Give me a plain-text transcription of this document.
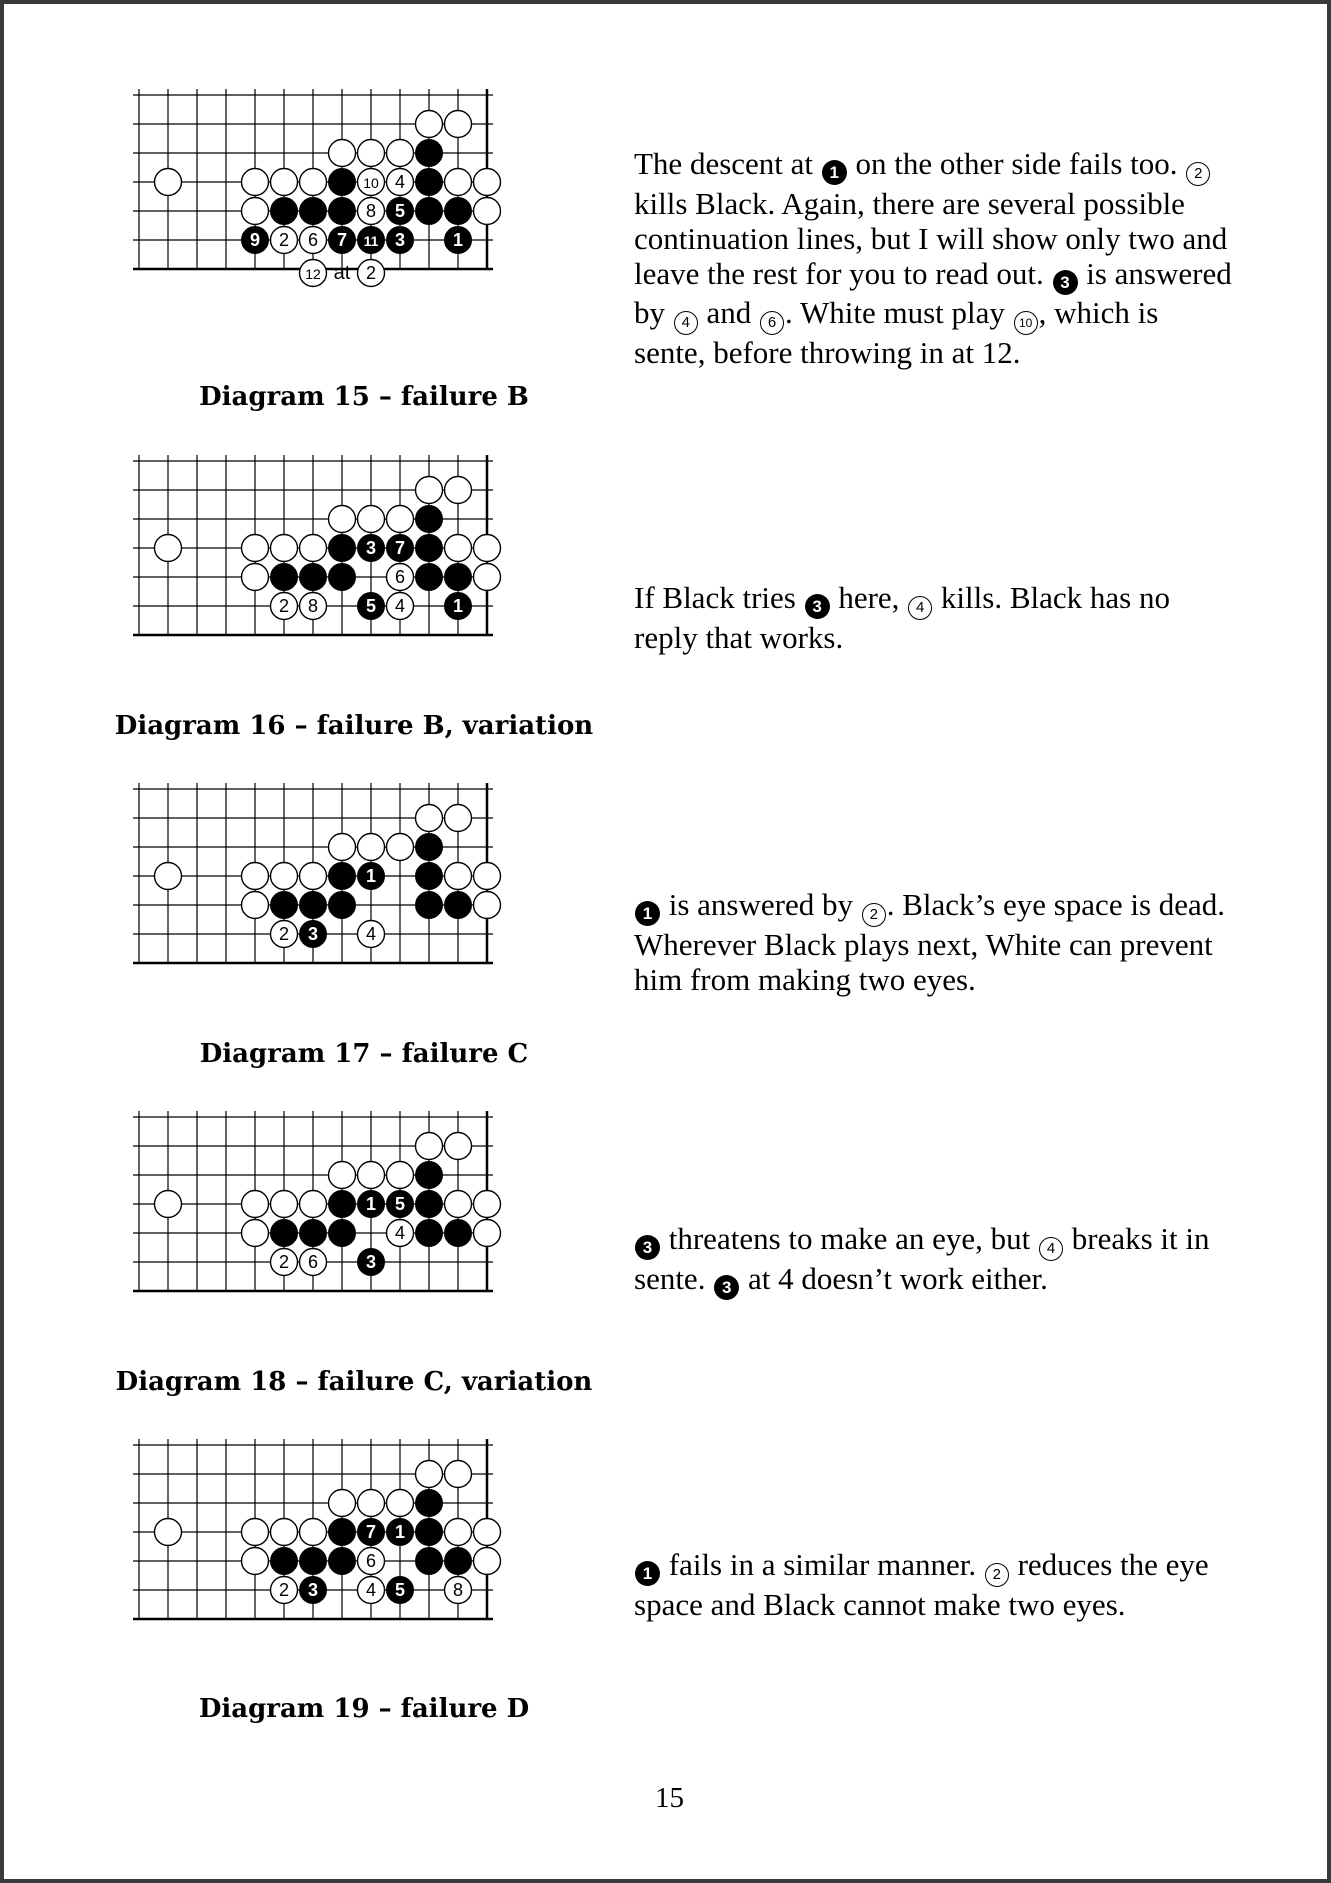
10 4
8 5
9 2 6 7 11 3	1
12 at 2
Diagram 15 – failure B

The descent at 1 on the other side fails too. 2 kills Black. Again, there are several possible continuation lines, but I will show only two and leave the rest for you to read out. 3 is answered by 4 and 6 . White must play 10 , which is sente, before throwing in at 12.

3 7
6
2 8	5 4	1
Diagram 16 – failure B, variation

If Black tries 3 here, 4 kills. Black has no reply that works.

1
2 3	4
Diagram 17 – failure C

1 is answered by 2 . Black’s eye space is dead. Wherever Black plays next, White can prevent him from making two eyes.

1 5
4
2 6	3
Diagram 18 – failure C, variation

3 threatens to make an eye, but 4 breaks it in sente. 3 at 4 doesn’t work either.

7 1
6
2 3	4 5	8
Diagram 19 – failure D

1 fails in a similar manner. 2 reduces the eye space and Black cannot make two eyes.

15
